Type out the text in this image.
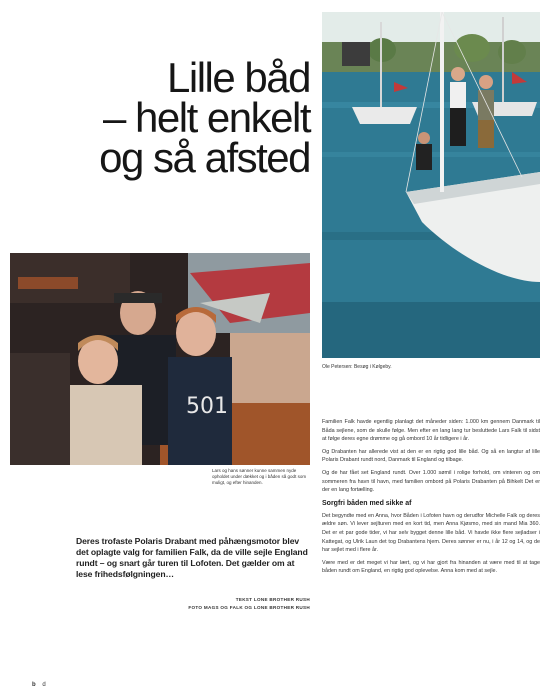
Lille båd
– helt enkelt
og så afsted

Ole Petersen: Besøg i Kølgeby.

501

Lars og hans sønner kunne sammen nyde opholdet under dækket og i båden så godt som muligt, og efter hinanden.

Deres trofaste Polaris Drabant med påhængsmotor blev det oplagte valg for familien Falk, da de ville sejle England rundt – og snart går turen til Lofoten. Det gælder om at lese frihedsfølgningen…

TEKST LONE BROTHER RUSH
FOTO MAGS OG FALK OG LONE BROTHER RUSH

Familien Falk havde egentlig planlagt det måneder siden: 1.000 km gennem Danmark til Båda sejlene, som de skulle følge. Men efter en lang lang tur besluttede Lars Falk til sidst at følge deres egne drømme og gå ombord 10 år tidligere i år.

Og Drabanten har allerede vist at den er en rigtig god lille båd. Og så en langtur af lille Polaris Drabant rundt nord, Danmark til England og tilbage.

Og de har fået set England rundt. Over 1.000 sømil i rolige forhold, om vinteren og om sommeren fra havn til havn, med familien ombord på Polaris Drabanten på Bihkelt Det er der en lang fortælling.

Sorgfri båden med sikke af

Det begyndte med en Anna, hvor Båden i Lofoten havn og derudfor Michelle Falk og deres ældre søn. Vi lever sejlturen med en kort tid, men Anna Kjøsmo, med sin mand Mia 360. Det er et par gode tider, vi har selv bygget denne lille båd. Vi havde ikke flere sejladser i Kattegat, og Ulrik Laun det tog Drabantens hjem. Deres sønner er nu, i år 12 og 14, og de har sejlet med i flere år.

Være med er det meget vi har lært, og vi har gjort fra hinanden at være med til at tage båden rundt om England, en rigtig god oplevelse. Anna kom med at sejle.

b d
